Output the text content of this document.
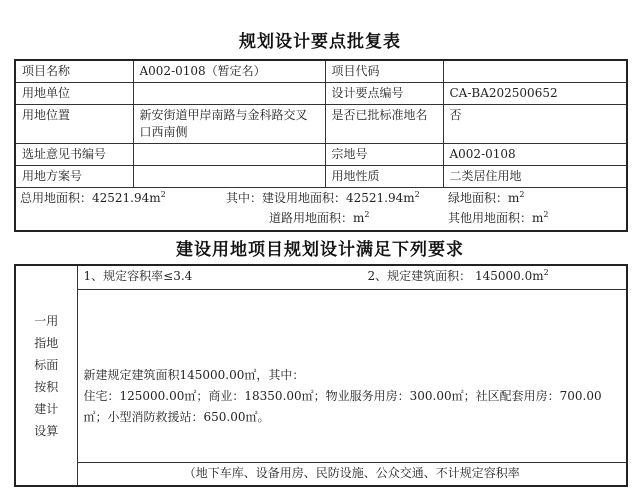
规划设计要点批复表
项目名称	A002-0108（暂定名）	项目代码	
用地单位		设计要点编号	CA-BA202500652
用地位置	新安街道甲岸南路与金科路交叉口西南侧	是否已批标准地名	否
选址意见书编号		宗地号	A002-0108
用地方案号		用地性质	二类居住用地

总用地面积：$42521.94m^2$ 其中：建设用地面积：$42521.94m^2$ 绿地面积：$m^2$
道路用地面积：$m^2$ 其他用地面积：$m^2$
建设用地项目规划设计满足下列要求
一用
指地
标面
按积
建计
设算

1、规定容积率≤3.4	2、规定建筑面积： $145000.0m^2$

新建规定建筑面积145000.00㎡，其中：
住宅：125000.00㎡；商业：18350.00㎡；物业服务用房：300.00㎡；社区配套用房：700.00㎡；小型消防救援站：650.00㎡。

（地下车库、设备用房、民防设施、公众交通、不计规定容积率
